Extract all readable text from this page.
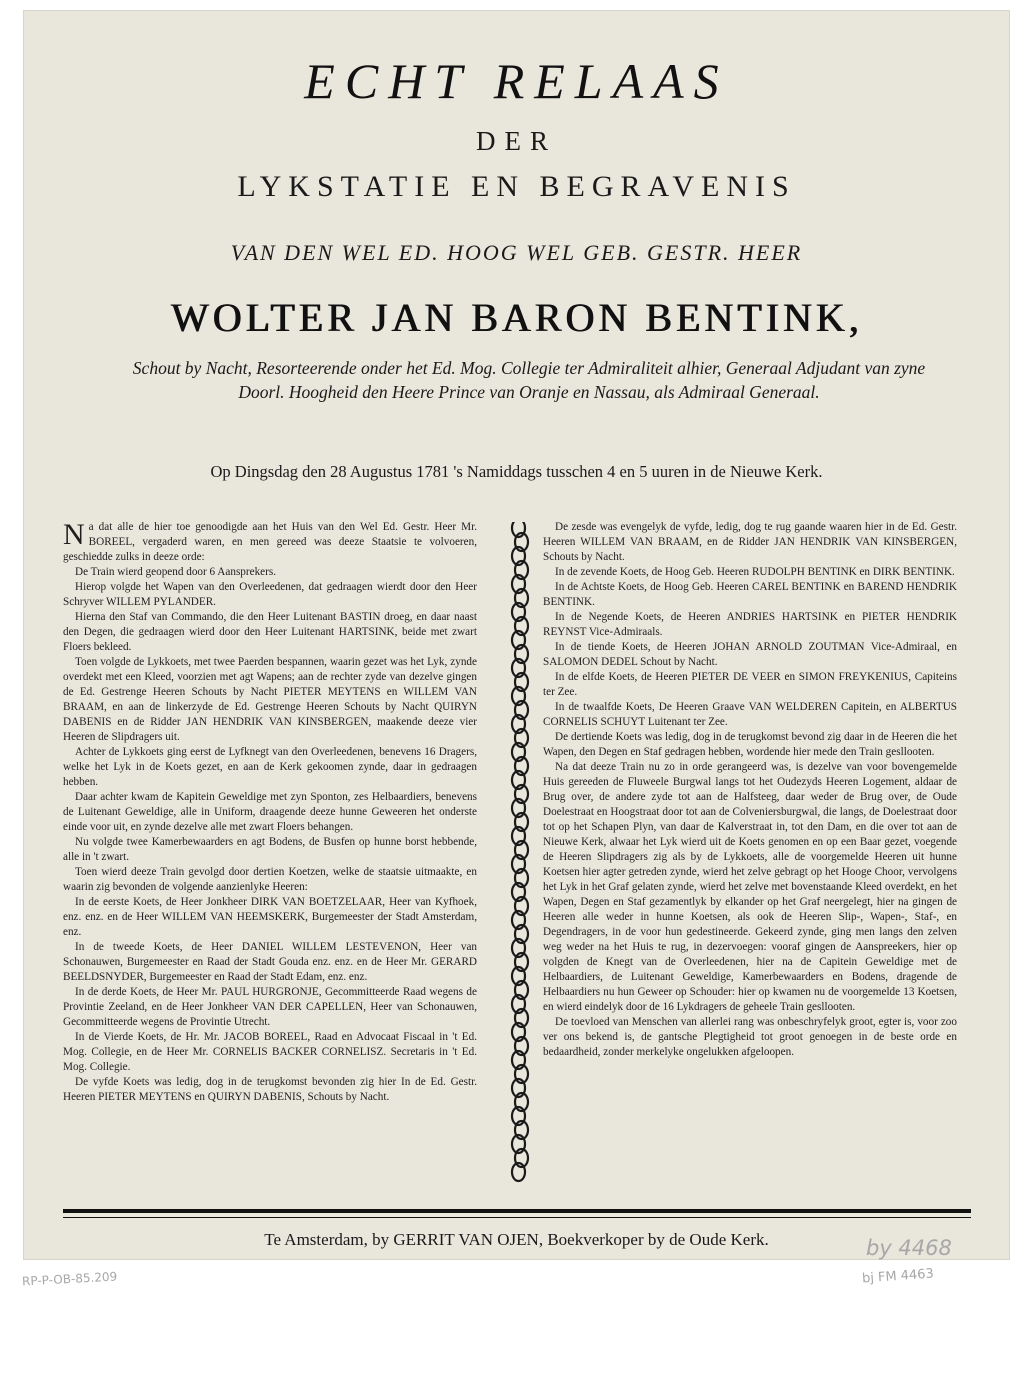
ECHT RELAAS
DER
LYKSTATIE EN BEGRAVENIS
VAN DEN WEL ED. HOOG WEL GEB. GESTR. HEER
WOLTER JAN BARON BENTINK,
Schout by Nacht, Resorteerende onder het Ed. Mog. Collegie ter Admiraliteit alhier, Generaal Adjudant van zyne Doorl. Hoogheid den Heere Prince van Oranje en Nassau, als Admiraal Generaal.
Op Dingsdag den 28 Augustus 1781 's Namiddags tusschen 4 en 5 uuren in de Nieuwe Kerk.

Na dat alle de hier toe genoodigde aan het Huis van den Wel Ed. Gestr. Heer Mr. BOREEL, vergaderd waren, en men gereed was deeze Staatsie te volvoeren, geschiedde zulks in deeze orde:

De Train wierd geopend door 6 Aansprekers.

Hierop volgde het Wapen van den Overleedenen, dat gedraagen wierdt door den Heer Schryver WILLEM PYLANDER.

Hierna den Staf van Commando, die den Heer Luitenant BASTIN droeg, en daar naast den Degen, die gedraagen wierd door den Heer Luitenant HARTSINK, beide met zwart Floers bekleed.

Toen volgde de Lykkoets, met twee Paerden bespannen, waarin gezet was het Lyk, zynde overdekt met een Kleed, voorzien met agt Wapens; aan de rechter zyde van dezelve gingen de Ed. Gestrenge Heeren Schouts by Nacht PIETER MEYTENS en WILLEM VAN BRAAM, en aan de linkerzyde de Ed. Gestrenge Heeren Schouts by Nacht QUIRYN DABENIS en de Ridder JAN HENDRIK VAN KINSBERGEN, maakende deeze vier Heeren de Slipdragers uit.

Achter de Lykkoets ging eerst de Lyfknegt van den Overleedenen, benevens 16 Dragers, welke het Lyk in de Koets gezet, en aan de Kerk gekoomen zynde, daar in gedraagen hebben.

Daar achter kwam de Kapitein Geweldige met zyn Sponton, zes Helbaardiers, benevens de Luitenant Geweldige, alle in Uniform, draagende deeze hunne Geweeren het onderste einde voor uit, en zynde dezelve alle met zwart Floers behangen.

Nu volgde twee Kamerbewaarders en agt Bodens, de Busfen op hunne borst hebbende, alle in 't zwart.

Toen wierd deeze Train gevolgd door dertien Koetzen, welke de staatsie uitmaakte, en waarin zig bevonden de volgende aanzienlyke Heeren:

In de eerste Koets, de Heer Jonkheer DIRK VAN BOETZELAAR, Heer van Kyfhoek, enz. enz. en de Heer WILLEM VAN HEEMSKERK, Burgemeester der Stadt Amsterdam, enz.

In de tweede Koets, de Heer DANIEL WILLEM LESTEVENON, Heer van Schonauwen, Burgemeester en Raad der Stadt Gouda enz. enz. en de Heer Mr. GERARD BEELDSNYDER, Burgemeester en Raad der Stadt Edam, enz. enz.

In de derde Koets, de Heer Mr. PAUL HURGRONJE, Gecommitteerde Raad wegens de Provintie Zeeland, en de Heer Jonkheer VAN DER CAPELLEN, Heer van Schonauwen, Gecommitteerde wegens de Provintie Utrecht.

In de Vierde Koets, de Hr. Mr. JACOB BOREEL, Raad en Advocaat Fiscaal in 't Ed. Mog. Collegie, en de Heer Mr. CORNELIS BACKER CORNELISZ. Secretaris in 't Ed. Mog. Collegie.

De vyfde Koets was ledig, dog in de terugkomst bevonden zig hier In de Ed. Gestr. Heeren PIETER MEYTENS en QUIRYN DABENIS, Schouts by Nacht.

De zesde was evengelyk de vyfde, ledig, dog te rug gaande waaren hier in de Ed. Gestr. Heeren WILLEM VAN BRAAM, en de Ridder JAN HENDRIK VAN KINSBERGEN, Schouts by Nacht.

In de zevende Koets, de Hoog Geb. Heeren RUDOLPH BENTINK en DIRK BENTINK.

In de Achtste Koets, de Hoog Geb. Heeren CAREL BENTINK en BAREND HENDRIK BENTINK.

In de Negende Koets, de Heeren ANDRIES HARTSINK en PIETER HENDRIK REYNST Vice-Admiraals.

In de tiende Koets, de Heeren JOHAN ARNOLD ZOUTMAN Vice-Admiraal, en SALOMON DEDEL Schout by Nacht.

In de elfde Koets, de Heeren PIETER DE VEER en SIMON FREYKENIUS, Capiteins ter Zee.

In de twaalfde Koets, De Heeren Graave VAN WELDEREN Capitein, en ALBERTUS CORNELIS SCHUYT Luitenant ter Zee.

De dertiende Koets was ledig, dog in de terugkomst bevond zig daar in de Heeren die het Wapen, den Degen en Staf gedragen hebben, wordende hier mede den Train gesllooten.

Na dat deeze Train nu zo in orde gerangeerd was, is dezelve van voor bovengemelde Huis gereeden de Fluweele Burgwal langs tot het Oudezyds Heeren Logement, aldaar de Brug over, de andere zyde tot aan de Halfsteeg, daar weder de Brug over, de Oude Doelestraat en Hoogstraat door tot aan de Colveniersburgwal, die langs, de Doelestraat door tot op het Schapen Plyn, van daar de Kalverstraat in, tot den Dam, en die over tot aan de Nieuwe Kerk, alwaar het Lyk wierd uit de Koets genomen en op een Baar gezet, voegende de Heeren Slipdragers zig als by de Lykkoets, alle de voorgemelde Heeren uit hunne Koetsen hier agter getreden zynde, wierd het zelve gebragt op het Hooge Choor, vervolgens het Lyk in het Graf gelaten zynde, wierd het zelve met bovenstaande Kleed overdekt, en het Wapen, Degen en Staf gezamentlyk by elkander op het Graf neergelegt, hier na gingen de Heeren alle weder in hunne Koetsen, als ook de Heeren Slip-, Wapen-, Staf-, en Degendragers, in de voor hun gedestineerde. Gekeerd zynde, ging men langs den zelven weg weder na het Huis te rug, in dezervoegen: vooraf gingen de Aanspreekers, hier op volgden de Knegt van de Overleedenen, hier na de Capitein Geweldige met de Helbaardiers, de Luitenant Geweldige, Kamerbewaarders en Bodens, dragende de Helbaardiers nu hun Geweer op Schouder: hier op kwamen nu de voorgemelde 13 Koetsen, en wierd eindelyk door de 16 Lykdragers de geheele Train gesllooten.

De toevloed van Menschen van allerlei rang was onbeschryfelyk groot, egter is, voor zoo ver ons bekend is, de gantsche Plegtigheid tot groot genoegen in de beste orde en bedaardheid, zonder merkelyke ongelukken afgeloopen.

Te Amsterdam, by GERRIT VAN OJEN, Boekverkoper by de Oude Kerk.	by 4468
RP-P-OB-85.209	bj FM 4463
